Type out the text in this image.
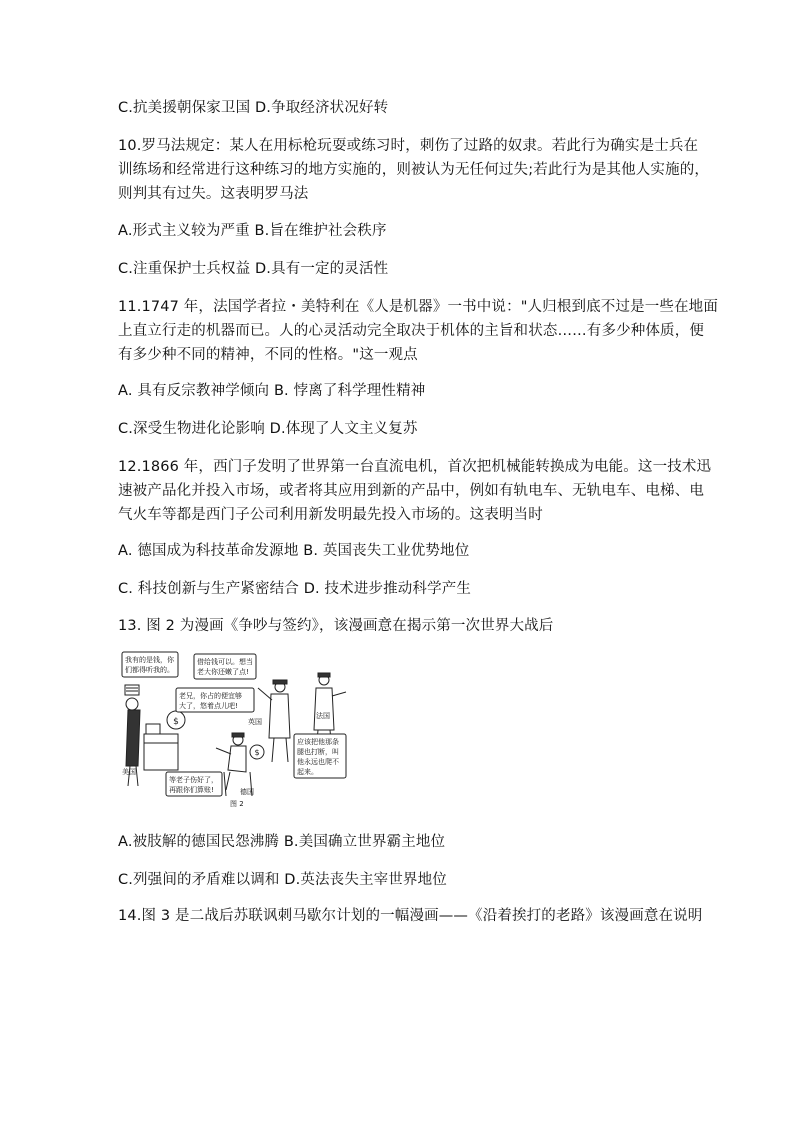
C.抗美援朝保家卫国 D.争取经济状况好转
10.罗马法规定：某人在用标枪玩耍或练习时，刺伤了过路的奴隶。若此行为确实是士兵在
训练场和经常进行这种练习的地方实施的，则被认为无任何过失;若此行为是其他人实施的，
则判其有过失。这表明罗马法
A.形式主义较为严重 B.旨在维护社会秩序
C.注重保护士兵权益 D.具有一定的灵活性
11.1747 年，法国学者拉・美特利在《人是机器》一书中说："人归根到底不过是一些在地面
上直立行走的机器而已。人的心灵活动完全取决于机体的主旨和状态……有多少种体质，便
有多少种不同的精神，不同的性格。"这一观点
A. 具有反宗教神学倾向 B. 悖离了科学理性精神
C.深受生物进化论影响 D.体现了人文主义复苏
12.1866 年，西门子发明了世界第一台直流电机，首次把机械能转换成为电能。这一技术迅
速被产品化并投入市场，或者将其应用到新的产品中，例如有轨电车、无轨电车、电梯、电
气火车等都是西门子公司利用新发明最先投入市场的。这表明当时
A. 德国成为科技革命发源地 B. 英国丧失工业优势地位
C. 科技创新与生产紧密结合 D. 技术进步推动科学产生
13. 图 2 为漫画《争吵与签约》，该漫画意在揭示第一次世界大战后
$
$
我有的是钱，你
们都得听我的。
借给钱可以。想当
老大你还嫩了点!
老兄，你占的便宜够
大了，悠着点儿吧!
应该把他那条
腿也打断，叫
他永远也爬不
起来。
等老子伤好了，
再跟你们算账!
美国
英国
法国
德国
图 2
A.被肢解的德国民怨沸腾 B.美国确立世界霸主地位
C.列强间的矛盾难以调和 D.英法丧失主宰世界地位
14.图 3 是二战后苏联讽刺马歇尔计划的一幅漫画——《沿着挨打的老路》该漫画意在说明
